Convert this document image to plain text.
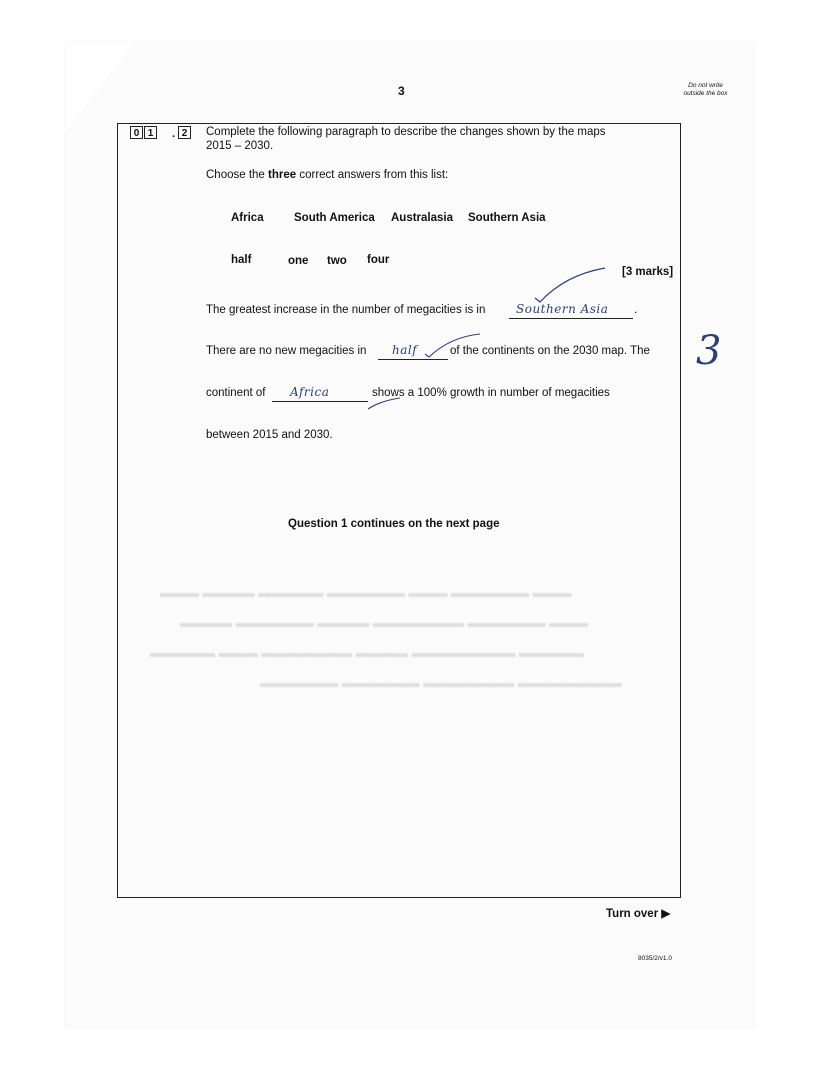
▬▬▬ ▬▬▬▬ ▬▬▬▬▬ ▬▬▬▬▬▬ ▬▬▬ ▬▬▬▬▬▬ ▬▬▬
▬▬▬▬ ▬▬▬▬▬▬ ▬▬▬▬ ▬▬▬▬▬▬▬ ▬▬▬▬▬▬ ▬▬▬
▬▬▬▬▬ ▬▬▬ ▬▬▬▬▬▬▬ ▬▬▬▬ ▬▬▬▬▬▬▬▬ ▬▬▬▬▬
▬▬▬▬▬▬ ▬▬▬▬▬▬ ▬▬▬▬▬▬▬ ▬▬▬▬▬▬▬▬
3	Do not write outside the box
0 1	. 2	Complete the following paragraph to describe the changes shown by the maps
2015 – 2030.
Choose the three correct answers from this list:
Africa	South America Australasia Southern Asia
half	one two four
[3 marks]
The greatest increase in the number of megacities is in	Southern Asia .
There are no new megacities in half	of the continents on the 2030 map. The
continent of Africa	shows a 100% growth in number of megacities
between 2015 and 2030.
Question 1 continues on the next page
3
Turn over ▶
8035/2/v1.0
